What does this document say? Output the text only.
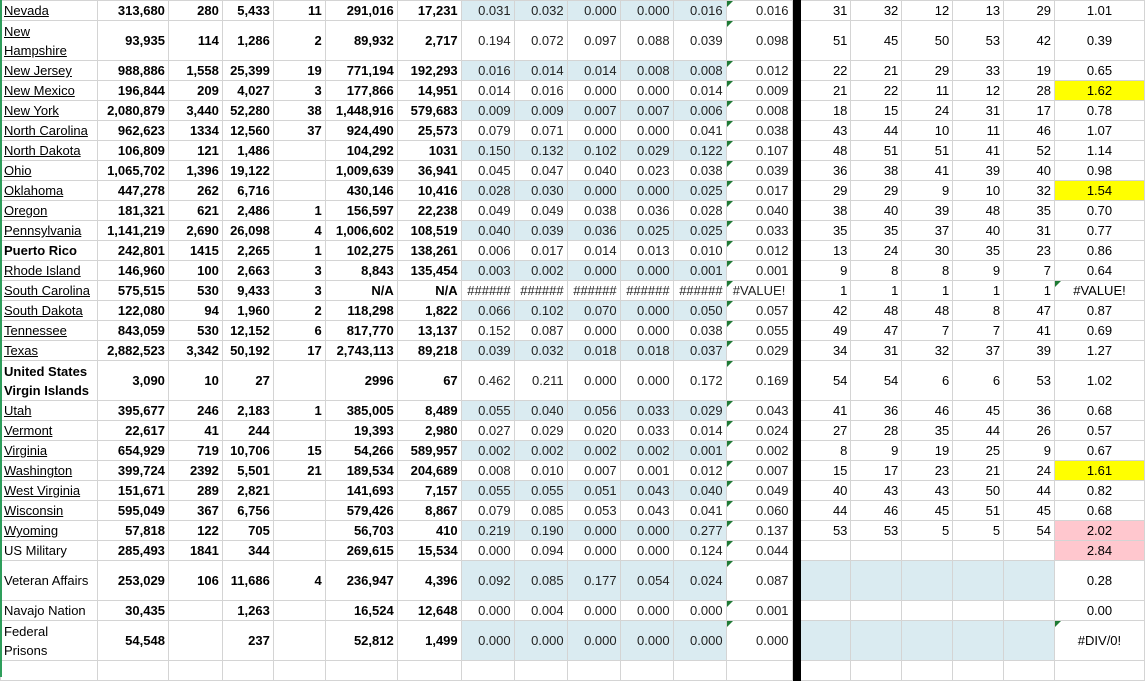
Nevada	313,680	280	5,433	11	291,016	17,231	0.031	0.032	0.000	0.000	0.016	0.016		31	32	12	13	29	1.01
New Hampshire	93,935	114	1,286	2	89,932	2,717	0.194	0.072	0.097	0.088	0.039	0.098		51	45	50	53	42	0.39
New Jersey	988,886	1,558	25,399	19	771,194	192,293	0.016	0.014	0.014	0.008	0.008	0.012		22	21	29	33	19	0.65
New Mexico	196,844	209	4,027	3	177,866	14,951	0.014	0.016	0.000	0.000	0.014	0.009		21	22	11	12	28	1.62
New York	2,080,879	3,440	52,280	38	1,448,916	579,683	0.009	0.009	0.007	0.007	0.006	0.008		18	15	24	31	17	0.78
North Carolina	962,623	1334	12,560	37	924,490	25,573	0.079	0.071	0.000	0.000	0.041	0.038		43	44	10	11	46	1.07
North Dakota	106,809	121	1,486		104,292	1031	0.150	0.132	0.102	0.029	0.122	0.107		48	51	51	41	52	1.14
Ohio	1,065,702	1,396	19,122		1,009,639	36,941	0.045	0.047	0.040	0.023	0.038	0.039		36	38	41	39	40	0.98
Oklahoma	447,278	262	6,716		430,146	10,416	0.028	0.030	0.000	0.000	0.025	0.017		29	29	9	10	32	1.54
Oregon	181,321	621	2,486	1	156,597	22,238	0.049	0.049	0.038	0.036	0.028	0.040		38	40	39	48	35	0.70
Pennsylvania	1,141,219	2,690	26,098	4	1,006,602	108,519	0.040	0.039	0.036	0.025	0.025	0.033		35	35	37	40	31	0.77
Puerto Rico	242,801	1415	2,265	1	102,275	138,261	0.006	0.017	0.014	0.013	0.010	0.012		13	24	30	35	23	0.86
Rhode Island	146,960	100	2,663	3	8,843	135,454	0.003	0.002	0.000	0.000	0.001	0.001		9	8	8	9	7	0.64
South Carolina	575,515	530	9,433	3	N/A	N/A	######	######	######	######	######	#VALUE!		1	1	1	1	1	#VALUE!
South Dakota	122,080	94	1,960	2	118,298	1,822	0.066	0.102	0.070	0.000	0.050	0.057		42	48	48	8	47	0.87
Tennessee	843,059	530	12,152	6	817,770	13,137	0.152	0.087	0.000	0.000	0.038	0.055		49	47	7	7	41	0.69
Texas	2,882,523	3,342	50,192	17	2,743,113	89,218	0.039	0.032	0.018	0.018	0.037	0.029		34	31	32	37	39	1.27
United States Virgin Islands	3,090	10	27		2996	67	0.462	0.211	0.000	0.000	0.172	0.169		54	54	6	6	53	1.02
Utah	395,677	246	2,183	1	385,005	8,489	0.055	0.040	0.056	0.033	0.029	0.043		41	36	46	45	36	0.68
Vermont	22,617	41	244		19,393	2,980	0.027	0.029	0.020	0.033	0.014	0.024		27	28	35	44	26	0.57
Virginia	654,929	719	10,706	15	54,266	589,957	0.002	0.002	0.002	0.002	0.001	0.002		8	9	19	25	9	0.67
Washington	399,724	2392	5,501	21	189,534	204,689	0.008	0.010	0.007	0.001	0.012	0.007		15	17	23	21	24	1.61
West Virginia	151,671	289	2,821		141,693	7,157	0.055	0.055	0.051	0.043	0.040	0.049		40	43	43	50	44	0.82
Wisconsin	595,049	367	6,756		579,426	8,867	0.079	0.085	0.053	0.043	0.041	0.060		44	46	45	51	45	0.68
Wyoming	57,818	122	705		56,703	410	0.219	0.190	0.000	0.000	0.277	0.137		53	53	5	5	54	2.02
US Military	285,493	1841	344		269,615	15,534	0.000	0.094	0.000	0.000	0.124	0.044							2.84
Veteran Affairs	253,029	106	11,686	4	236,947	4,396	0.092	0.085	0.177	0.054	0.024	0.087							0.28
Navajo Nation	30,435		1,263		16,524	12,648	0.000	0.004	0.000	0.000	0.000	0.001							0.00
Federal Prisons	54,548		237		52,812	1,499	0.000	0.000	0.000	0.000	0.000	0.000							#DIV/0!
